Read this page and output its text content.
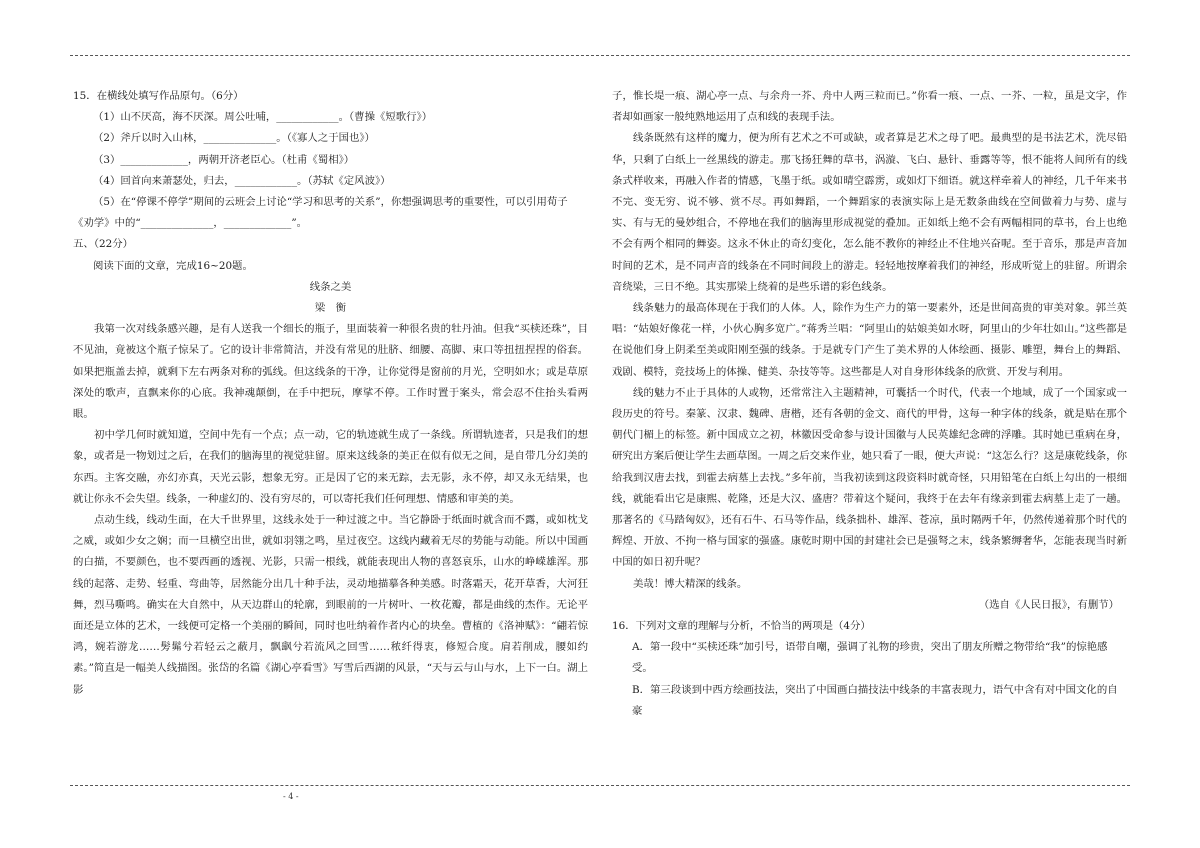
15．在横线处填写作品原句。（6分）

（1）山不厌高，海不厌深。周公吐哺，____________。（曹操《短歌行》）

（2）斧斤以时入山林，______________。（《寡人之于国也》）

（3）_____________，两朝开济老臣心。（杜甫《蜀相》）

（4）回首向来萧瑟处，归去，____________。（苏轼《定风波》）

（5）在“停课不停学”期间的云班会上讨论“学习和思考的关系”，你想强调思考的重要性，可以引用荀子

《劝学》中的“______________，_____________”。

五、（22分）

阅读下面的文章，完成16~20题。

线条之美

梁　衡

我第一次对线条感兴趣，是有人送我一个细长的瓶子，里面装着一种很名贵的牡丹油。但我“买椟还珠”，目不见油，竟被这个瓶子惊呆了。它的设计非常简洁，并没有常见的肚脐、细腰、高脚、束口等扭扭捏捏的俗套。如果把瓶盖去掉，就剩下左右两条对称的弧线。但这线条的干净，让你觉得是窗前的月光，空明如水；或是草原深处的歌声，直飘来你的心底。我神魂颠倒，在手中把玩，摩挲不停。工作时置于案头，常会忍不住抬头看两眼。

初中学几何时就知道，空间中先有一个点；点一动，它的轨迹就生成了一条线。所谓轨迹者，只是我们的想象，或者是一物划过之后，在我们的脑海里的视觉驻留。原来这线条的美正在似有似无之间，是自带几分幻美的东西。主客交融，亦幻亦真，天光云影，想象无穷。正是因了它的来无踪，去无影，永不停，却又永无结果，也就让你永不会失望。线条，一种虚幻的、没有穷尽的，可以寄托我们任何理想、情感和审美的美。

点动生线，线动生面，在大千世界里，这线永处于一种过渡之中。当它静卧于纸面时就含而不露，或如枕戈之威，或如少女之娴；而一旦横空出世，就如羽翎之鸣，星过夜空。这线内藏着无尽的势能与动能。所以中国画的白描，不要颜色，也不要西画的透视、光影，只需一根线，就能表现出人物的喜怒哀乐，山水的峥嵘雄浑。那线的起落、走势、轻重、弯曲等，居然能分出几十种手法，灵动地描摹各种美感。时落霜天，花开草香，大河狂舞，烈马嘶鸣。确实在大自然中，从天边群山的轮廓，到眼前的一片树叶、一枚花瓣，都是曲线的杰作。无论平面还是立体的艺术，一线便可定格一个美丽的瞬间，同时也吐纳着作者内心的块垒。曹植的《洛神赋》：“翩若惊鸿，婉若游龙……髣髴兮若轻云之蔽月，飘飖兮若流风之回雪……秾纤得衷，修短合度。肩若削成，腰如约素。”简直是一幅美人线描图。张岱的名篇《湖心亭看雪》写雪后西湖的风景，“天与云与山与水，上下一白。湖上影

子，惟长堤一痕、湖心亭一点、与余舟一芥、舟中人两三粒而已。”你看一痕、一点、一芥、一粒，虽是文字，作者却如画家一般纯熟地运用了点和线的表现手法。

线条既然有这样的魔力，便为所有艺术之不可或缺，或者算是艺术之母了吧。最典型的是书法艺术，洗尽铅华，只剩了白纸上一丝黑线的游走。那飞扬狂舞的草书，涡漩、飞白、悬针、垂露等等，恨不能将人间所有的线条式样收来，再融入作者的情感，飞墨于纸。或如晴空霹雳，或如灯下细语。就这样牵着人的神经，几千年来书不完、变无穷、说不够、赏不尽。再如舞蹈，一个舞蹈家的表演实际上是无数条曲线在空间做着力与势、虚与实、有与无的曼妙组合，不停地在我们的脑海里形成视觉的叠加。正如纸上绝不会有两幅相同的草书，台上也绝不会有两个相同的舞姿。这永不休止的奇幻变化，怎么能不教你的神经止不住地兴奋呢。至于音乐，那是声音加时间的艺术，是不同声音的线条在不同时间段上的游走。轻轻地按摩着我们的神经，形成听觉上的驻留。所谓余音绕梁，三日不绝。其实那梁上绕着的是些乐谱的彩色线条。

线条魅力的最高体现在于我们的人体。人，除作为生产力的第一要素外，还是世间高贵的审美对象。郭兰英唱：“姑娘好像花一样，小伙心胸多宽广。”蒋秀兰唱：“阿里山的姑娘美如水呀，阿里山的少年壮如山。”这些都是在说他们身上阴柔至美或阳刚至强的线条。于是就专门产生了美术界的人体绘画、摄影、雕塑，舞台上的舞蹈、戏剧、模特，竞技场上的体操、健美、杂技等等。这些都是人对自身形体线条的欣赏、开发与利用。

线的魅力不止于具体的人或物，还常常注入主题精神，可囊括一个时代，代表一个地域，成了一个国家或一段历史的符号。秦篆、汉隶、魏碑、唐楷，还有各朝的金文、商代的甲骨，这每一种字体的线条，就是贴在那个朝代门楣上的标签。新中国成立之初，林徽因受命参与设计国徽与人民英雄纪念碑的浮雕。其时她已重病在身，研究出方案后便让学生去画草图。一周之后交来作业，她只看了一眼，便大声说：“这怎么行？这是康乾线条，你给我到汉唐去找，到霍去病墓上去找。”多年前，当我初读到这段资料时就奇怪，只用铅笔在白纸上勾出的一根细线，就能看出它是康熙、乾隆，还是大汉、盛唐？带着这个疑问，我终于在去年有缘亲到霍去病墓上走了一趟。那著名的《马踏匈奴》，还有石牛、石马等作品，线条拙朴、雄浑、苍凉，虽时隔两千年，仍然传递着那个时代的辉煌、开放、不拘一格与国家的强盛。康乾时期中国的封建社会已是强弩之末，线条繁缛奢华，怎能表现当时新中国的如日初升呢？

美哉！博大精深的线条。

（选自《人民日报》，有删节）

16．下列对文章的理解与分析，不恰当的两项是（4分）

A．第一段中“买椟还珠”加引号，语带自嘲，强调了礼物的珍贵，突出了朋友所赠之物带给“我”的惊艳感受。

B．第三段谈到中西方绘画技法，突出了中国画白描技法中线条的丰富表现力，语气中含有对中国文化的自豪

- 4 -
